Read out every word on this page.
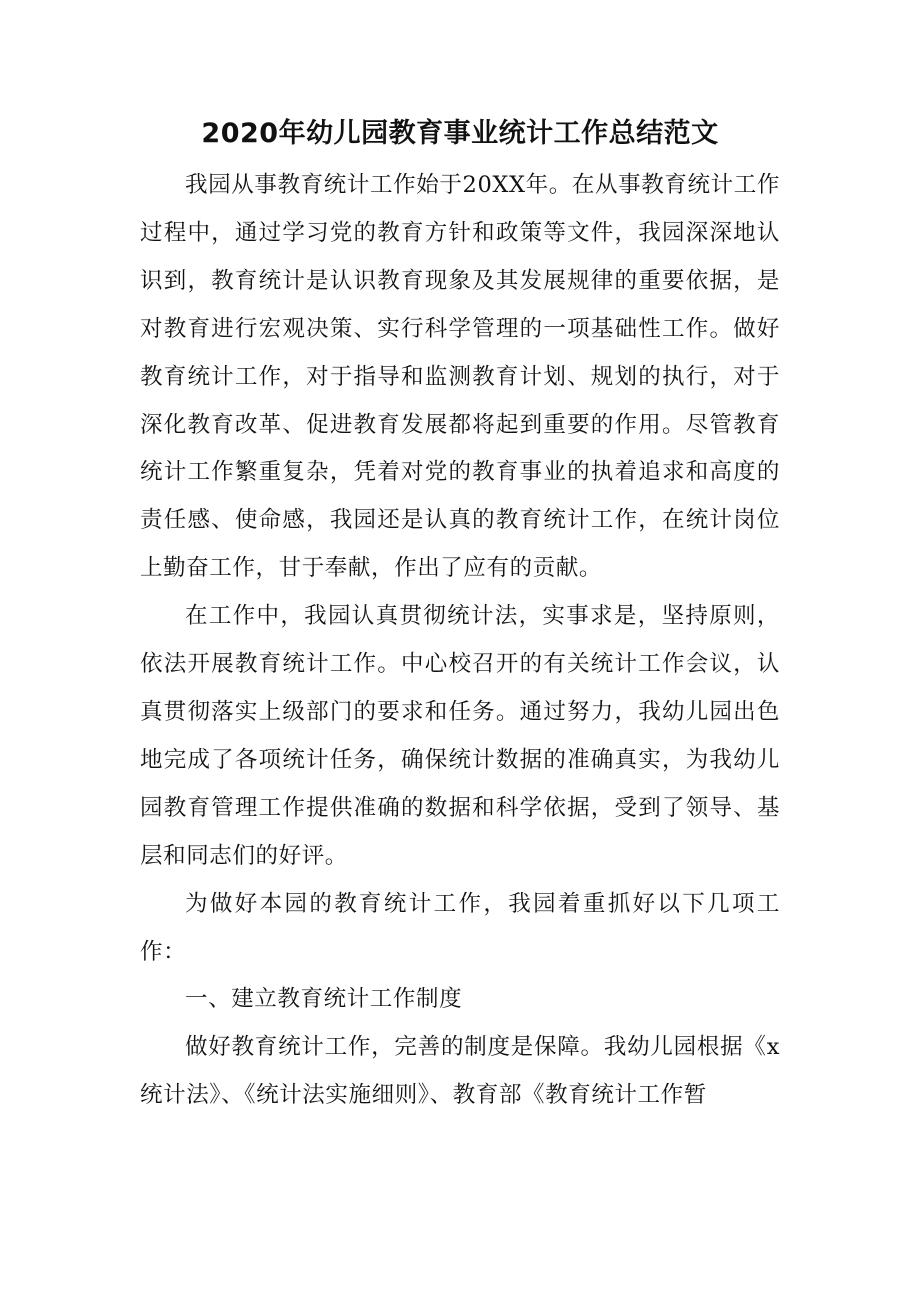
2020年幼儿园教育事业统计工作总结范文

我园从事教育统计工作始于20XX年。在从事教育统计工作过程中，通过学习党的教育方针和政策等文件，我园深深地认识到，教育统计是认识教育现象及其发展规律的重要依据，是对教育进行宏观决策、实行科学管理的一项基础性工作。做好教育统计工作，对于指导和监测教育计划、规划的执行，对于深化教育改革、促进教育发展都将起到重要的作用。尽管教育统计工作繁重复杂，凭着对党的教育事业的执着追求和高度的责任感、使命感，我园还是认真的教育统计工作，在统计岗位上勤奋工作，甘于奉献，作出了应有的贡献。

在工作中，我园认真贯彻统计法，实事求是，坚持原则，依法开展教育统计工作。中心校召开的有关统计工作会议，认真贯彻落实上级部门的要求和任务。通过努力，我幼儿园出色地完成了各项统计任务，确保统计数据的准确真实，为我幼儿园教育管理工作提供准确的数据和科学依据，受到了领导、基层和同志们的好评。

为做好本园的教育统计工作，我园着重抓好以下几项工作：

一、建立教育统计工作制度

做好教育统计工作，完善的制度是保障。我幼儿园根据《x统计法》、《统计法实施细则》、教育部《教育统计工作暂
